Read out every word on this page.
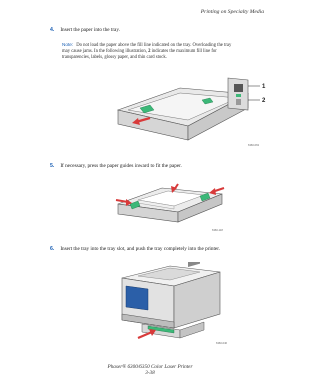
Printing on Specialty Media
4. Insert the paper into the tray.
Note: Do not load the paper above the fill line indicated on the tray. Overloading the tray
may cause jams. In the following illustration, 2 indicates the maximum fill line for
transparencies, labels, glossy paper, and thin card stock.
1
2
6360-063
5. If necessary, press the paper guides inward to fit the paper.
6360-118
6. Insert the tray into the tray slot, and push the tray completely into the printer.
6360-046
Phaser® 6300/6350 Color Laser Printer
3-38
